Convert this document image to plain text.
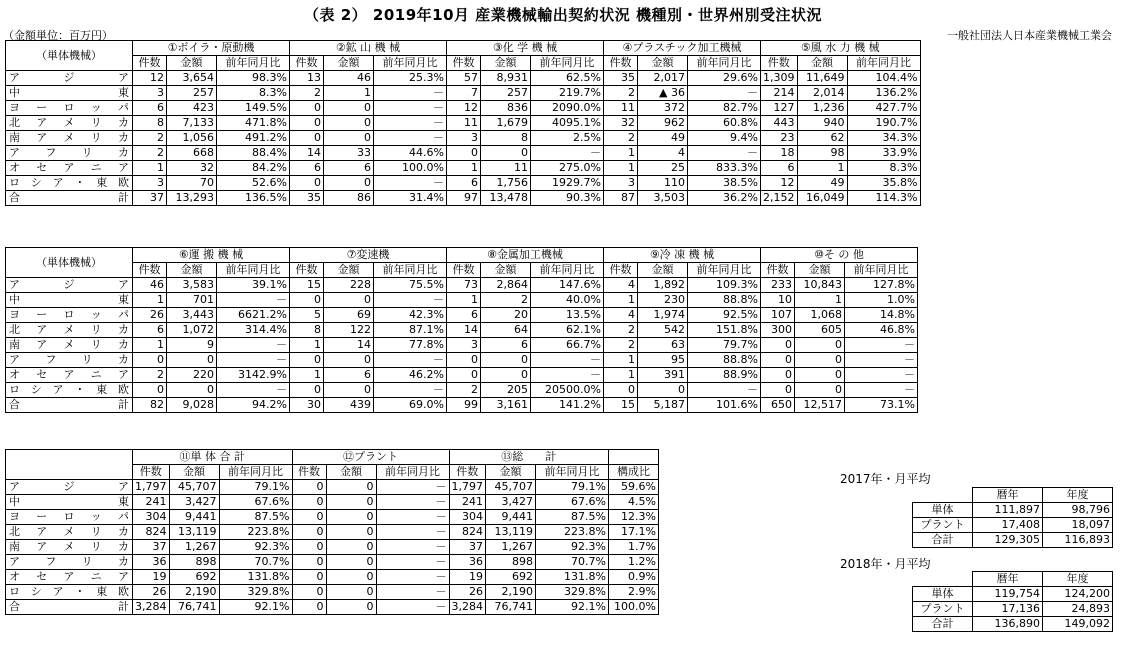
（表 2） 2019年10月 産業機械輸出契約状況 機種別・世界州別受注状況
（金額単位：百万円）	一般社団法人日本産業機械工業会
（単体機械）	①ボイラ・原動機			②鉱 山 機 械			③化 学 機 械			④プラスチック加工機械			⑤風 水 力 機 械		
	件数	金額	前年同月比	件数	金額	前年同月比	件数	金額	前年同月比	件数	金額	前年同月比	件数	金額	前年同月比
ア ジ ア	12	3,654	98.3%	13	46	25.3%	57	8,931	62.5%	35	2,017	29.6%	1,309	11,649	104.4%
中 東	3	257	8.3%	2	1	－	7	257	219.7%	2	▲ 36	－	214	2,014	136.2%
ヨ ー ロ ッ パ	6	423	149.5%	0	0	－	12	836	2090.0%	11	372	82.7%	127	1,236	427.7%
北 ア メ リ カ	8	7,133	471.8%	0	0	－	11	1,679	4095.1%	32	962	60.8%	443	940	190.7%
南 ア メ リ カ	2	1,056	491.2%	0	0	－	3	8	2.5%	2	49	9.4%	23	62	34.3%
ア フ リ カ	2	668	88.4%	14	33	44.6%	0	0	－	1	4	－	18	98	33.9%
オ セ ア ニ ア	1	32	84.2%	6	6	100.0%	1	11	275.0%	1	25	833.3%	6	1	8.3%
ロシア・東欧	3	70	52.6%	0	0	－	6	1,756	1929.7%	3	110	38.5%	12	49	35.8%
合 計	37	13,293	136.5%	35	86	31.4%	97	13,478	90.3%	87	3,503	36.2%	2,152	16,049	114.3%
（単体機械）	⑥運 搬 機 械			⑦変速機			⑧金属加工機械			⑨冷 凍 機 械			⑩そ の 他		
	件数	金額	前年同月比	件数	金額	前年同月比	件数	金額	前年同月比	件数	金額	前年同月比	件数	金額	前年同月比
ア ジ ア	46	3,583	39.1%	15	228	75.5%	73	2,864	147.6%	4	1,892	109.3%	233	10,843	127.8%
中 東	1	701	－	0	0	－	1	2	40.0%	1	230	88.8%	10	1	1.0%
ヨ ー ロ ッ パ	26	3,443	6621.2%	5	69	42.3%	6	20	13.5%	4	1,974	92.5%	107	1,068	14.8%
北 ア メ リ カ	6	1,072	314.4%	8	122	87.1%	14	64	62.1%	2	542	151.8%	300	605	46.8%
南 ア メ リ カ	1	9	－	1	14	77.8%	3	6	66.7%	2	63	79.7%	0	0	－
ア フ リ カ	0	0	－	0	0	－	0	0	－	1	95	88.8%	0	0	－
オ セ ア ニ ア	2	220	3142.9%	1	6	46.2%	0	0	－	1	391	88.9%	0	0	－
ロシア・東欧	0	0	－	0	0	－	2	205	20500.0%	0	0	－	0	0	－
合 計	82	9,028	94.2%	30	439	69.0%	99	3,161	141.2%	15	5,187	101.6%	650	12,517	73.1%
	⑪単 体 合 計			⑫プラント			⑬総　　計			
	件数	金額	前年同月比	件数	金額	前年同月比	件数	金額	前年同月比	構成比
ア ジ ア	1,797	45,707	79.1%	0	0	－	1,797	45,707	79.1%	59.6%
中 東	241	3,427	67.6%	0	0	－	241	3,427	67.6%	4.5%
ヨ ー ロ ッ パ	304	9,441	87.5%	0	0	－	304	9,441	87.5%	12.3%
北 ア メ リ カ	824	13,119	223.8%	0	0	－	824	13,119	223.8%	17.1%
南 ア メ リ カ	37	1,267	92.3%	0	0	－	37	1,267	92.3%	1.7%
ア フ リ カ	36	898	70.7%	0	0	－	36	898	70.7%	1.2%
オ セ ア ニ ア	19	692	131.8%	0	0	－	19	692	131.8%	0.9%
ロシア・東欧	26	2,190	329.8%	0	0	－	26	2,190	329.8%	2.9%
合 計	3,284	76,741	92.1%	0	0	－	3,284	76,741	92.1%	100.0%
2017年・月平均
	暦年	年度
単体	111,897	98,796
プラント	17,408	18,097
合計	129,305	116,893
2018年・月平均
	暦年	年度
単体	119,754	124,200
プラント	17,136	24,893
合計	136,890	149,092
